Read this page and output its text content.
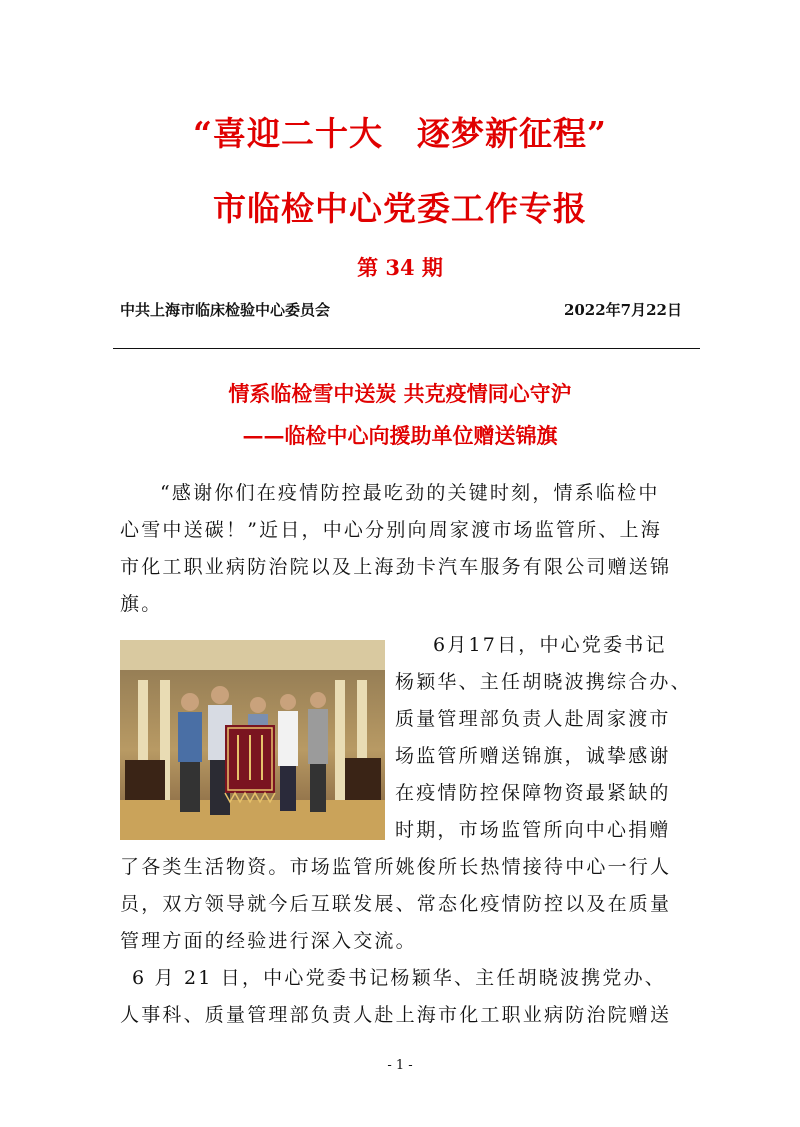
“喜迎二十大　逐梦新征程”
市临检中心党委工作专报
第 34 期
中共上海市临床检验中心委员会	2022年7月22日
情系临检雪中送炭 共克疫情同心守沪
——临检中心向援助单位赠送锦旗
“感谢你们在疫情防控最吃劲的关键时刻，情系临检中
心雪中送碳！”近日，中心分别向周家渡市场监管所、上海
市化工职业病防治院以及上海劲卡汽车服务有限公司赠送锦
旗。
6月17日，中心党委书记
杨颖华、主任胡晓波携综合办、
质量管理部负责人赴周家渡市
场监管所赠送锦旗，诚挚感谢
在疫情防控保障物资最紧缺的
时期，市场监管所向中心捐赠
了各类生活物资。市场监管所姚俊所长热情接待中心一行人
员，双方领导就今后互联发展、常态化疫情防控以及在质量
管理方面的经验进行深入交流。
6 月 21 日，中心党委书记杨颖华、主任胡晓波携党办、
人事科、质量管理部负责人赴上海市化工职业病防治院赠送
- 1 -
